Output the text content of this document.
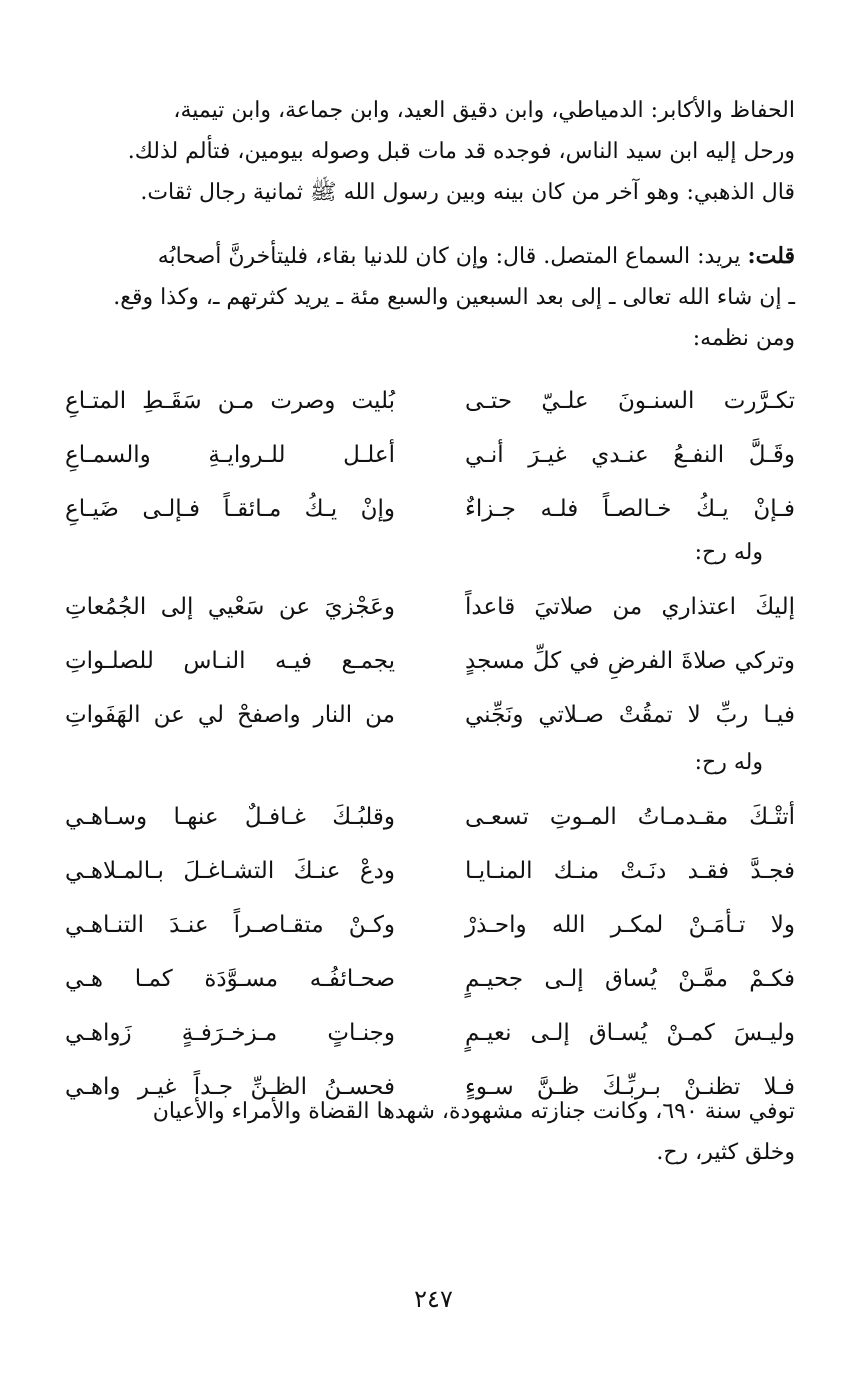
الحفاظ والأكابر: الدمياطي، وابن دقيق العيد، وابن جماعة، وابن تيمية،
ورحل إليه ابن سيد الناس، فوجده قد مات قبل وصوله بيومين، فتألم لذلك.
قال الذهبي: وهو آخر من كان بينه وبين رسول الله ﷺ ثمانية رجال ثقات.
قلت: يريد: السماع المتصل. قال: وإن كان للدنيا بقاء، فليتأخرنَّ أصحابُه
ـ إن شاء الله تعالى ـ إلى بعد السبعين والسبع مئة ـ يريد كثرتهم ـ، وكذا وقع.
ومن نظمه:
تكـرَّرت السنـونَ علـيّ حتـى
بُليت وصرت مـن سَقَـطِ المتـاعِ
وقَـلَّ النفـعُ عنـدي غيـرَ أنـي
أعلـل للـروايـةِ والسمـاعِ
فـإنْ يـكُ خـالصـاً فلـه جـزاءٌ
وإنْ يـكُ مـائقـاً فـإلـى ضَيـاعِ
وله رح:
إليكَ اعتذاري من صلاتيَ قاعداً
وعَجْزيَ عن سَعْيي إلى الجُمُعاتِ
وتركي صلاةَ الفرضِ في كلِّ مسجدٍ
يجمـع فيـه النـاس للصلـواتِ
فيـا ربِّ لا تمقُتْ صـلاتي ونَجِّني
من النار واصفحْ لي عن الهَفَواتِ
وله رح:
أتتْـكَ مقـدمـاتُ المـوتِ تسعـى
وقلبُـكَ غـافـلٌ عنهـا وسـاهـي
فجـدَّ فقـد دنَـتْ منـك المنـايـا
ودعْ عنـكَ التشـاغـلَ بـالمـلاهـي
ولا تـأمَـنْ لمكـر الله واحـذرْ
وكـنْ متقـاصـراً عنـدَ التنـاهـي
فكـمْ ممَّـنْ يُساق إلـى جحيـمٍ
صحـائفُـه مسـوَّدَة كمـا هـي
وليـسَ كمـنْ يُسـاق إلـى نعيـمٍ
وجنـاتٍ مـزخـرَفـةٍ زَواهـي
فـلا تظنـنْ بـربِّـكَ ظـنَّ سـوءٍ
فحسـنُ الظـنِّ جـداً غيـر واهـي
توفي سنة ٦٩٠، وكانت جنازته مشهودة، شهدها القضاة والأمراء والأعيان
وخلق كثير، رح.
٢٤٧
